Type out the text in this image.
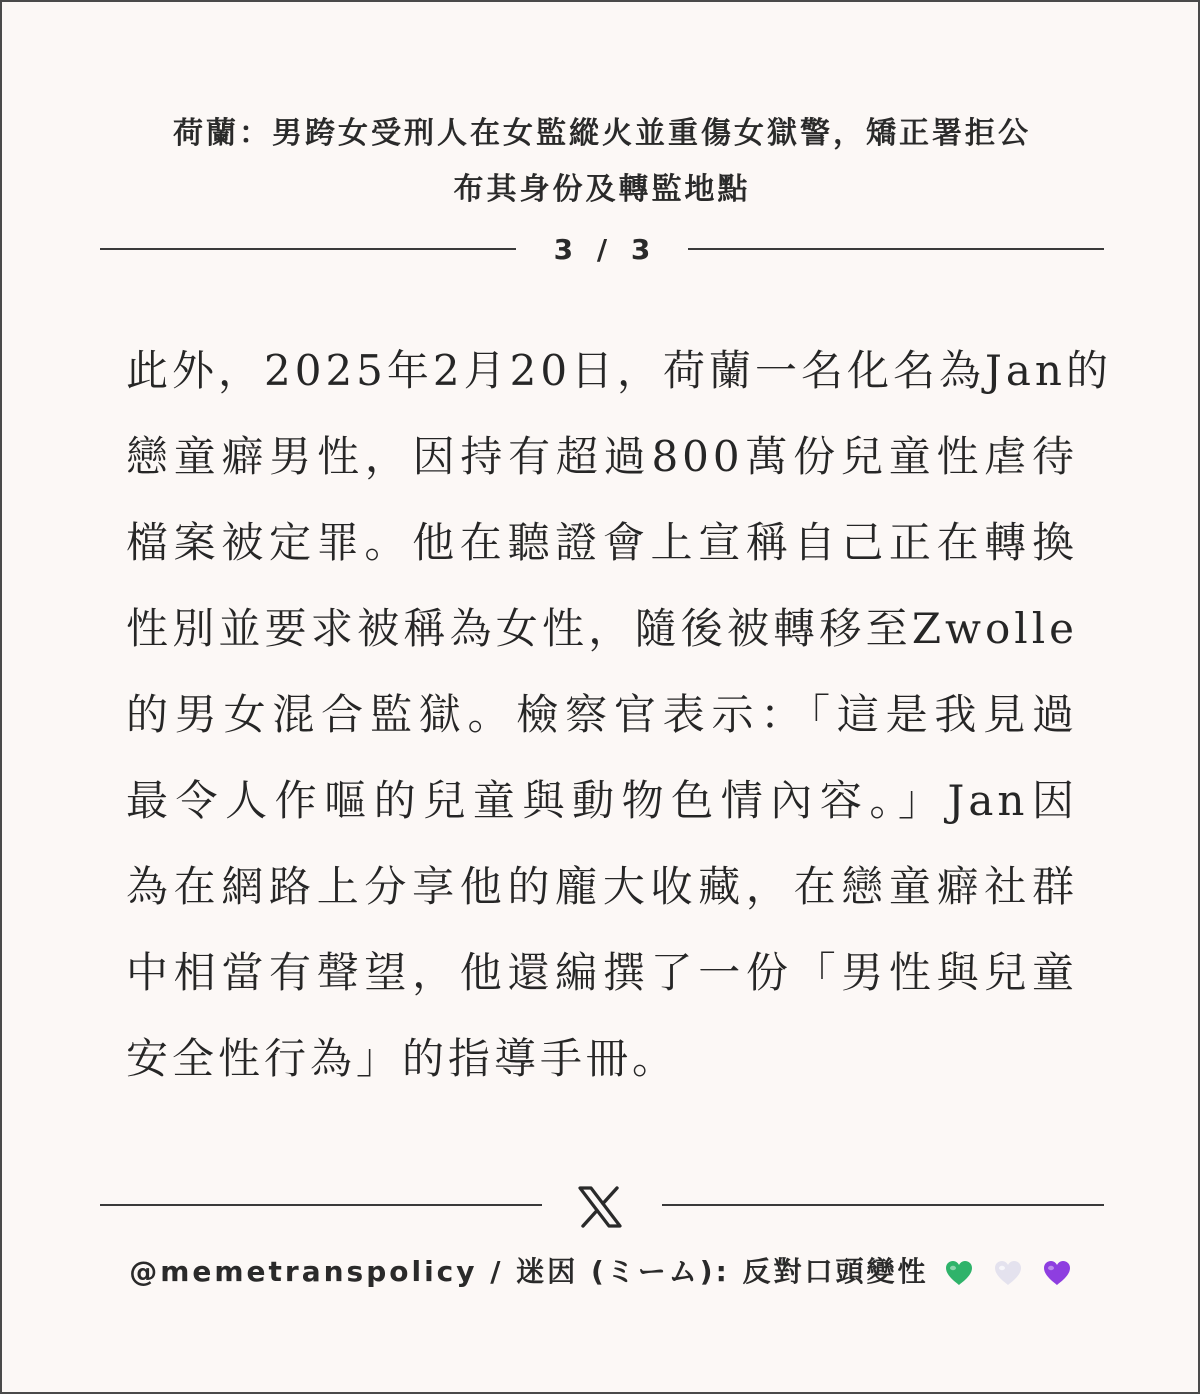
荷蘭：男跨女受刑人在女監縱火並重傷女獄警，矯正署拒公
布其身份及轉監地點
3 / 3
此外，2025年2月20日，荷蘭一名化名為Jan的
戀童癖男性，因持有超過800萬份兒童性虐待
檔案被定罪。他在聽證會上宣稱自己正在轉換
性別並要求被稱為女性，隨後被轉移至Zwolle
的男女混合監獄。檢察官表示：「這是我見過
最令人作嘔的兒童與動物色情內容。」Jan因
為在網路上分享他的龐大收藏，在戀童癖社群
中相當有聲望，他還編撰了一份「男性與兒童
安全性行為」的指導手冊。
@memetranspolicy / 迷因 (ミーム): 反對口頭變性
